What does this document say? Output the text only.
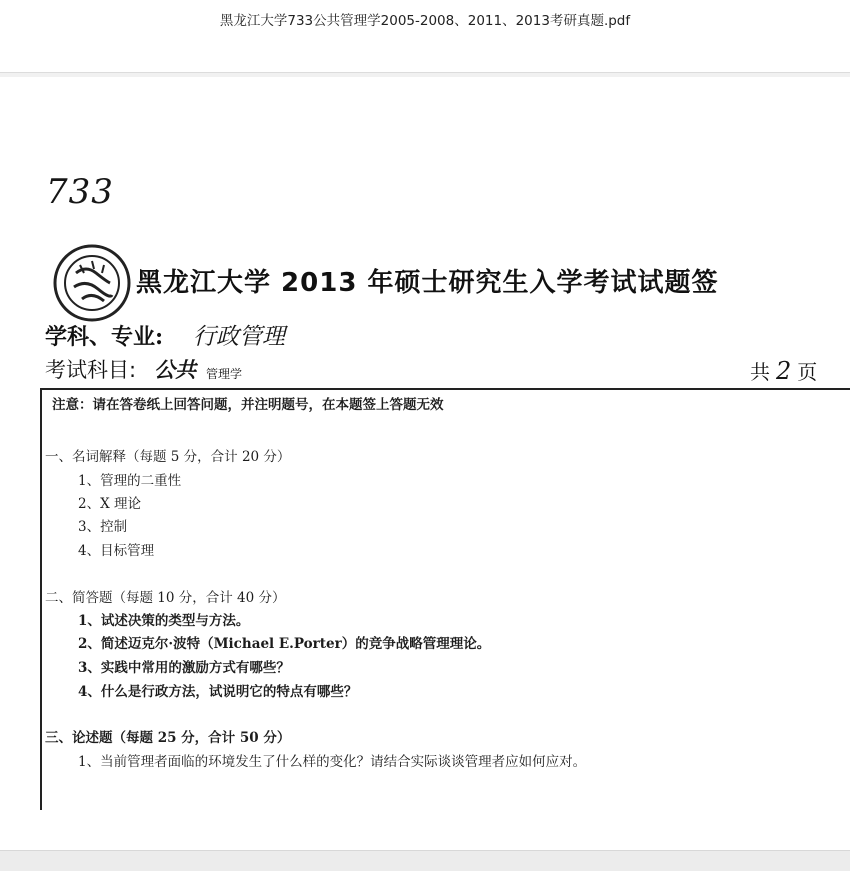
黑龙江大学733公共管理学2005-2008、2011、2013考研真题.pdf
733
黑龙江大学 2013 年硕士研究生入学考试试题签
学科、专业: 行政管理
考试科目: 公共 管理学	共 2 页
注意：请在答卷纸上回答问题，并注明题号，在本题签上答题无效
一、名词解释（每题 5 分，合计 20 分）
1、管理的二重性
2、X 理论
3、控制
4、目标管理
二、简答题（每题 10 分，合计 40 分）
1、试述决策的类型与方法。
2、简述迈克尔·波特（Michael E.Porter）的竞争战略管理理论。
3、实践中常用的激励方式有哪些？
4、什么是行政方法，试说明它的特点有哪些？
三、论述题（每题 25 分，合计 50 分）
1、当前管理者面临的环境发生了什么样的变化？请结合实际谈谈管理者应如何应对。
